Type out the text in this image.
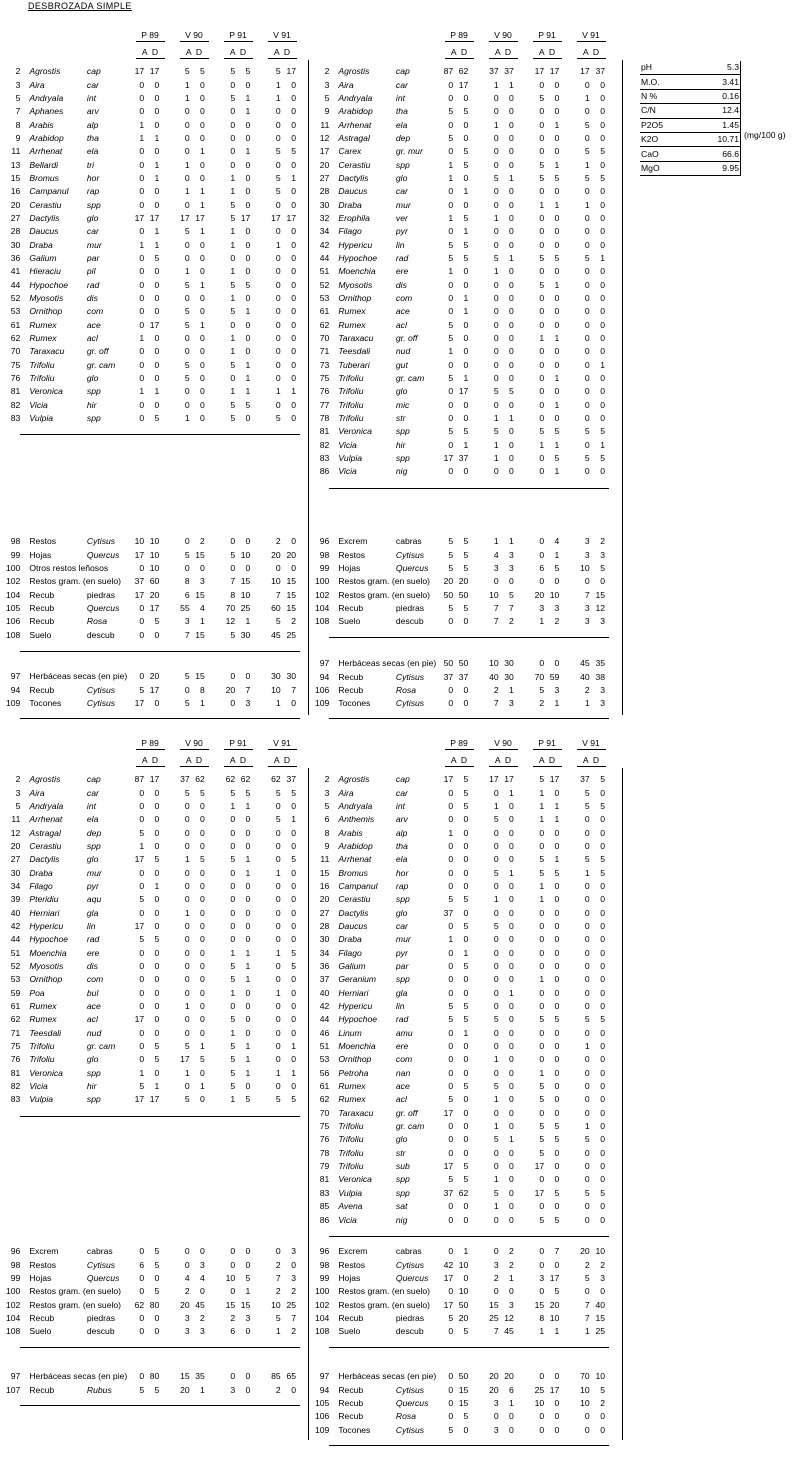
DESBROZADA SIMPLE
P 89
A  D
V 90
A  D
P 91
A  D
V 91
A  D
2	Agrostis	cap	17		17		5		5		5		5		5		17
3	Aira	car	0		0		1		0		0		0		1		0
5	Andryala	int	0		0		1		0		5		1		1		0
7	Aphanes	arv	0		0		0		0		0		1		0		0
8	Arabis	alp	1		0		0		0		0		0		0		0
9	Arabidop	tha	1		1		0		0		0		0		0		0
11	Arrhenat	ela	0		0		0		1		0		1		5		5
13	Bellardi	tri	0		1		1		0		0		0		0		0
15	Bromus	hor	0		1		0		0		1		0		5		1
16	Campanul	rap	0		0		1		1		1		0		5		0
20	Cerastiu	spp	0		0		0		1		5		0		0		0
27	Dactylis	glo	17		17		17		17		5		17		17		17
28	Daucus	car	0		1		5		1		1		0		0		0
30	Draba	mur	1		1		0		0		1		0		1		0
36	Galium	par	0		5		0		0		0		0		0		0
41	Hieraciu	pil	0		0		1		0		1		0		0		0
44	Hypochoe	rad	0		0		5		1		5		5		0		0
52	Myosotis	dis	0		0		0		0		1		0		0		0
53	Ornithop	com	0		0		5		0		5		1		0		0
61	Rumex	ace	0		17		5		1		0		0		0		0
62	Rumex	acl	1		0		0		0		1		0		0		0
70	Taraxacu	gr. off	0		0		0		0		1		0		0		0
75	Trifoliu	gr. cam	0		0		5		0		5		1		0		0
76	Trifoliu	glo	0		0		5		0		0		1		0		0
81	Veronica	spp	1		1		0		0		1		1		1		1
82	Vicia	hir	0		0		0		0		5		5		0		0
83	Vulpia	spp	0		5		1		0		5		0		5		0
98	Restos	Cytisus	10		10		0		2		0		0		2		0
99	Hojas	Quercus	17		10		5		15		5		10		20		20
100	Otros restos leñosos		0		10		0		0		0		0		0		0
102	Restos gram. (en suelo)		37		60		8		3		7		15		10		15
104	Recub	piedras	17		20		6		15		8		10		7		15
105	Recub	Quercus	0		17		55		4		70		25		60		15
106	Recub	Rosa	0		5		3		1		12		1		5		2
108	Suelo	descub	0		0		7		15		5		30		45		25
97	Herbáceas secas (en pie)		0		20		5		15		0		0		30		30
94	Recub	Cytisus	5		17		0		8		20		7		10		7
109	Tocones	Cytisus	17		0		5		1		0		3		1		0
P 89
A  D
V 90
A  D
P 91
A  D
V 91
A  D
2	Agrostis	cap	87		62		37		37		17		17		17		37
3	Aira	car	0		17		1		1		0		0		0		0
5	Andryala	int	0		0		0		0		5		0		1		0
9	Arabidop	tha	5		5		0		0		0		0		0		0
11	Arrhenat	ela	0		0		1		0		0		1		5		0
12	Astragal	dep	5		0		0		0		0		0		0		0
17	Carex	gr. mur	0		5		0		0		0		0		5		5
20	Cerastiu	spp	1		5		0		0		5		1		1		0
27	Dactylis	glo	1		0		5		1		5		5		5		5
28	Daucus	car	0		1		0		0		0		0		0		0
30	Draba	mur	0		0		0		0		1		1		1		0
32	Erophila	ver	1		5		1		0		0		0		0		0
34	Filago	pyr	0		1		0		0		0		0		0		0
42	Hypericu	lin	5		5		0		0		0		0		0		0
44	Hypochoe	rad	5		5		5		1		5		5		5		1
51	Moenchia	ere	1		0		1		0		0		0		0		0
52	Myosotis	dis	0		0		0		0		5		1		0		0
53	Ornithop	com	0		1		0		0		0		0		0		0
61	Rumex	ace	0		1		0		0		0		0		0		0
62	Rumex	acl	5		0		0		0		0		0		0		0
70	Taraxacu	gr. off	5		0		0		0		1		1		0		0
71	Teesdali	nud	1		0		0		0		0		0		0		0
73	Tuberari	gut	0		0		0		0		0		0		0		1
75	Trifoliu	gr. cam	5		1		0		0		0		1		0		0
76	Trifoliu	glo	0		17		5		5		0		0		0		0
77	Trifoliu	mic	0		0		0		0		0		1		0		0
78	Trifoliu	str	0		0		1		1		0		0		0		0
81	Veronica	spp	5		5		5		0		5		5		5		5
82	Vicia	hir	0		1		1		0		1		1		0		1
83	Vulpia	spp	17		37		1		0		0		5		5		5
86	Vicia	nig	0		0		0		0		0		1		0		0
96	Excrem	cabras	5		5		1		1		0		4		3		2
98	Restos	Cytisus	5		5		4		3		0		1		3		3
99	Hojas	Quercus	5		5		3		3		6		5		10		5
100	Restos gram. (en suelo)		20		20		0		0		0		0		0		0
102	Restos gram. (en suelo)		50		50		10		5		20		10		7		15
104	Recub	piedras	5		5		7		7		3		3		3		12
108	Suelo	descub	0		0		7		2		1		2		3		3
97	Herbáceas secas (en pie)		50		50		10		30		0		0		45		35
94	Recub	Cytisus	37		37		40		30		70		59		40		38
106	Recub	Rosa	0		0		2		1		5		3		2		3
109	Tocones	Cytisus	0		0		7		3		2		1		1		3
P 89
A  D
V 90
A  D
P 91
A  D
V 91
A  D
2	Agrostis	cap	87		17		37		62		62		62		62		37
3	Aira	car	0		0		5		5		5		5		5		5
5	Andryala	int	0		0		0		0		1		1		0		0
11	Arrhenat	ela	0		0		0		0		0		0		5		1
12	Astragal	dep	5		0		0		0		0		0		0		0
20	Cerastiu	spp	1		0		0		0		0		0		0		0
27	Dactylis	glo	17		5		1		5		5		1		0		5
30	Draba	mur	0		0		0		0		0		1		1		0
34	Filago	pyr	0		1		0		0		0		0		0		0
39	Pteridiu	aqu	5		0		0		0		0		0		0		0
40	Herniari	gla	0		0		1		0		0		0		0		0
42	Hypericu	lin	17		0		0		0		0		0		0		0
44	Hypochoe	rad	5		5		0		0		0		0		0		0
51	Moenchia	ere	0		0		0		0		1		1		1		5
52	Myosotis	dis	0		0		0		0		5		1		0		5
53	Ornithop	com	0		0		0		0		5		1		0		0
59	Poa	bul	0		0		0		0		1		0		1		0
61	Rumex	ace	0		0		1		0		0		0		0		0
62	Rumex	acl	17		0		0		0		5		0		0		0
71	Teesdali	nud	0		0		0		0		1		0		0		0
75	Trifoliu	gr. cam	0		5		5		1		5		1		0		1
76	Trifoliu	glo	0		5		17		5		5		1		0		0
81	Veronica	spp	1		0		1		0		5		1		1		1
82	Vicia	hir	5		1		0		1		5		0		0		0
83	Vulpia	spp	17		17		5		0		1		5		5		5
96	Excrem	cabras	0		5		0		0		0		0		0		3
98	Restos	Cytisus	6		5		0		3		0		0		2		0
99	Hojas	Quercus	0		0		4		4		10		5		7		3
100	Restos gram. (en suelo)		0		5		2		0		0		1		2		2
102	Restos gram. (en suelo)		62		80		20		45		15		15		10		25
104	Recub	piedras	0		0		3		2		2		3		5		7
108	Suelo	descub	0		0		3		3		6		0		1		2
97	Herbáceas secas (en pie)		0		80		15		35		0		0		85		65
107	Recub	Rubus	5		5		20		1		3		0		2		0
P 89
A  D
V 90
A  D
P 91
A  D
V 91
A  D
2	Agrostis	cap	17		5		17		17		5		17		37		5
3	Aira	car	0		5		0		1		1		0		5		0
5	Andryala	int	0		5		1		0		1		1		5		5
6	Anthemis	arv	0		0		5		0		1		1		0		0
8	Arabis	alp	1		0		0		0		0		0		0		0
9	Arabidop	tha	0		0		0		0		0		0		0		0
11	Arrhenat	ela	0		0		0		0		5		1		5		5
15	Bromus	hor	0		0		5		1		5		5		1		5
16	Campanul	rap	0		0		0		0		1		0		0		0
20	Cerastiu	spp	5		5		1		0		1		0		0		0
27	Dactylis	glo	37		0		0		0		0		0		0		0
28	Daucus	car	0		5		5		0		0		0		0		0
30	Draba	mur	1		0		0		0		0		0		0		0
34	Filago	pyr	0		1		0		0		0		0		0		0
36	Galium	par	0		5		0		0		0		0		0		0
37	Geranium	spp	0		0		0		0		1		0		0		0
40	Herniari	gla	0		0		0		1		0		0		0		0
42	Hypericu	lin	5		5		0		0		0		0		0		0
44	Hypochoe	rad	5		5		5		0		5		5		5		5
46	Linum	amu	0		1		0		0		0		0		0		0
51	Moenchia	ere	0		0		0		0		0		0		1		0
53	Ornithop	com	0		0		1		0		0		0		0		0
56	Petroha	nan	0		0		0		0		1		0		0		0
61	Rumex	ace	0		5		5		0		5		0		0		0
62	Rumex	acl	5		0		1		0		5		0		0		0
70	Taraxacu	gr. off	17		0		0		0		0		0		0		0
75	Trifoliu	gr. cam	0		0		1		0		5		5		1		0
76	Trifoliu	glo	0		0		5		1		5		5		5		0
78	Trifoliu	str	0		0		0		0		5		0		0		0
79	Trifoliu	sub	17		5		0		0		17		0		0		0
81	Veronica	spp	5		5		1		0		0		0		0		0
83	Vulpia	spp	37		62		5		0		17		5		5		5
85	Avena	sat	0		0		1		0		0		0		0		0
86	Vicia	nig	0		0		0		0		5		5		0		0
96	Excrem	cabras	0		1		0		2		0		7		20		10
98	Restos	Cytisus	42		10		3		2		0		0		2		2
99	Hojas	Quercus	17		0		2		1		3		17		5		3
100	Restos gram. (en suelo)		0		10		0		0		0		5		0		0
102	Restos gram. (en suelo)		17		50		15		3		15		20		7		40
104	Recub	piedras	5		20		25		12		8		10		7		15
108	Suelo	descub	0		5		7		45		1		1		1		25
97	Herbáceas secas (en pie)		0		50		20		20		0		0		70		10
94	Recub	Cytisus	0		15		20		6		25		17		10		5
105	Recub	Quercus	0		15		3		1		10		0		10		2
106	Recub	Rosa	0		5		0		0		0		0		0		0
109	Tocones	Cytisus	5		0		3		0		0		0		0		0
pH	5.3
M.O.	3.41
N %	0.16
C/N	12.4
P2O5	1.45
K2O	10.71
CaO	66.6
MgO	9.95
(mg/100 g)
